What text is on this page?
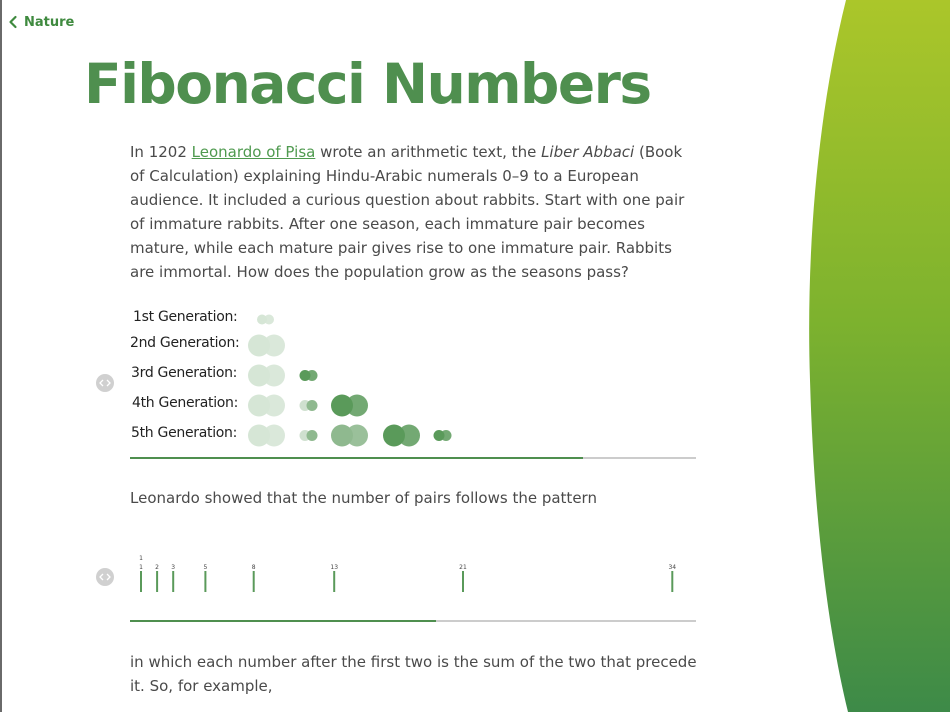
Nature
Fibonacci Numbers

In 1202 Leonardo of Pisa wrote an arithmetic text, the Liber Abbaci (Book of Calculation) explaining Hindu-Arabic numerals 0–9 to a European audience. It included a curious question about rabbits. Start with one pair of immature rabbits. After one season, each immature pair becomes mature, while each mature pair gives rise to one immature pair. Rabbits are immortal. How does the population grow as the seasons pass?

1st Generation:
2nd Generation:
3rd Generation:
4th Generation:
5th Generation:

Leonardo showed that the number of pairs follows the pattern

1
1
2 3	5	8	13	21	34

in which each number after the first two is the sum of the two that precede it. So, for example,
